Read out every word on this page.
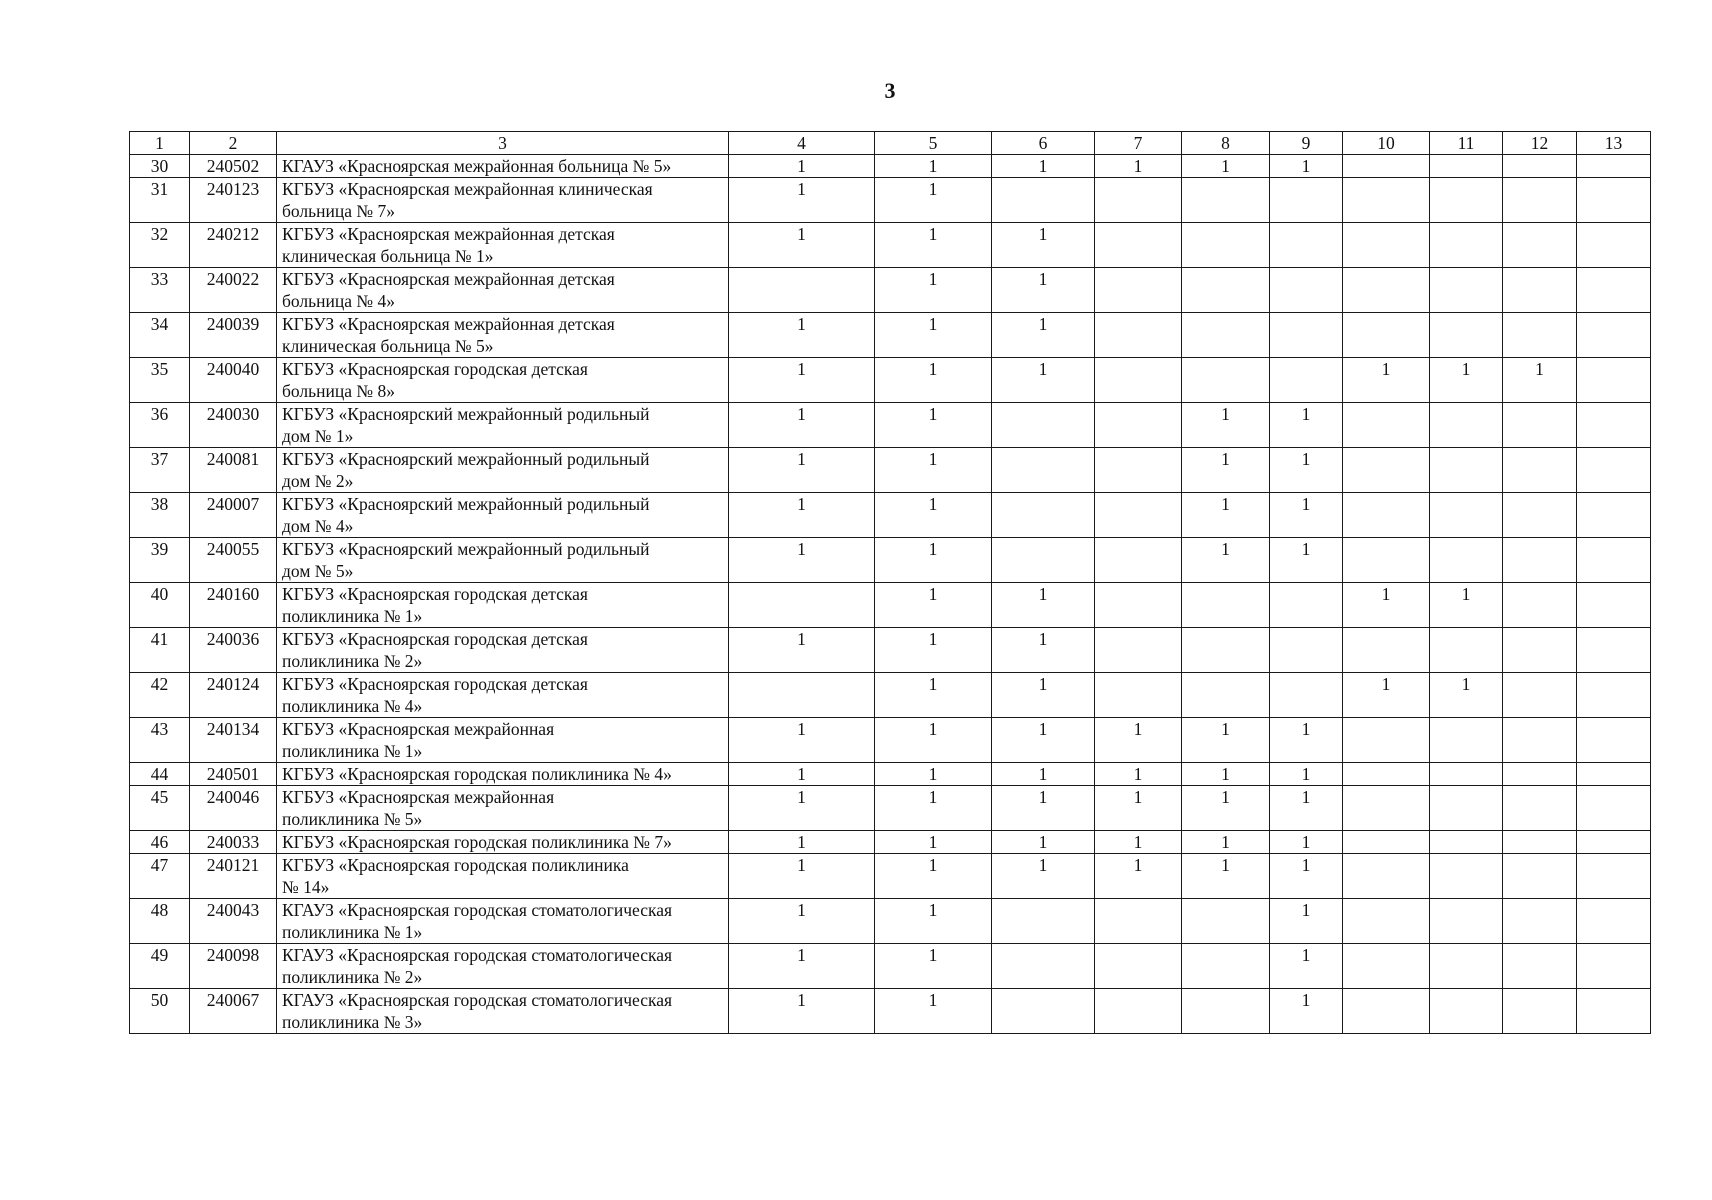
3
1	2	3	4	5	6	7	8	9	10	11	12	13
30	240502	КГАУЗ «Красноярская межрайонная больница № 5»	1	1	1	1	1	1				
31	240123	КГБУЗ «Красноярская межрайонная клиническая
больница № 7»	1	1								
32	240212	КГБУЗ «Красноярская межрайонная детская
клиническая больница № 1»	1	1	1							
33	240022	КГБУЗ «Красноярская межрайонная детская
больница № 4»		1	1							
34	240039	КГБУЗ «Красноярская межрайонная детская
клиническая больница № 5»	1	1	1							
35	240040	КГБУЗ «Красноярская городская детская
больница № 8»	1	1	1				1	1	1	
36	240030	КГБУЗ «Красноярский межрайонный родильный
дом № 1»	1	1			1	1				
37	240081	КГБУЗ «Красноярский межрайонный родильный
дом № 2»	1	1			1	1				
38	240007	КГБУЗ «Красноярский межрайонный родильный
дом № 4»	1	1			1	1				
39	240055	КГБУЗ «Красноярский межрайонный родильный
дом № 5»	1	1			1	1				
40	240160	КГБУЗ «Красноярская городская детская
поликлиника № 1»		1	1				1	1		
41	240036	КГБУЗ «Красноярская городская детская
поликлиника № 2»	1	1	1							
42	240124	КГБУЗ «Красноярская городская детская
поликлиника № 4»		1	1				1	1		
43	240134	КГБУЗ «Красноярская межрайонная
поликлиника № 1»	1	1	1	1	1	1				
44	240501	КГБУЗ «Красноярская городская поликлиника № 4»	1	1	1	1	1	1				
45	240046	КГБУЗ «Красноярская межрайонная
поликлиника № 5»	1	1	1	1	1	1				
46	240033	КГБУЗ «Красноярская городская поликлиника № 7»	1	1	1	1	1	1				
47	240121	КГБУЗ «Красноярская городская поликлиника
№ 14»	1	1	1	1	1	1				
48	240043	КГАУЗ «Красноярская городская стоматологическая
поликлиника № 1»	1	1				1				
49	240098	КГАУЗ «Красноярская городская стоматологическая
поликлиника № 2»	1	1				1				
50	240067	КГАУЗ «Красноярская городская стоматологическая
поликлиника № 3»	1	1				1				
